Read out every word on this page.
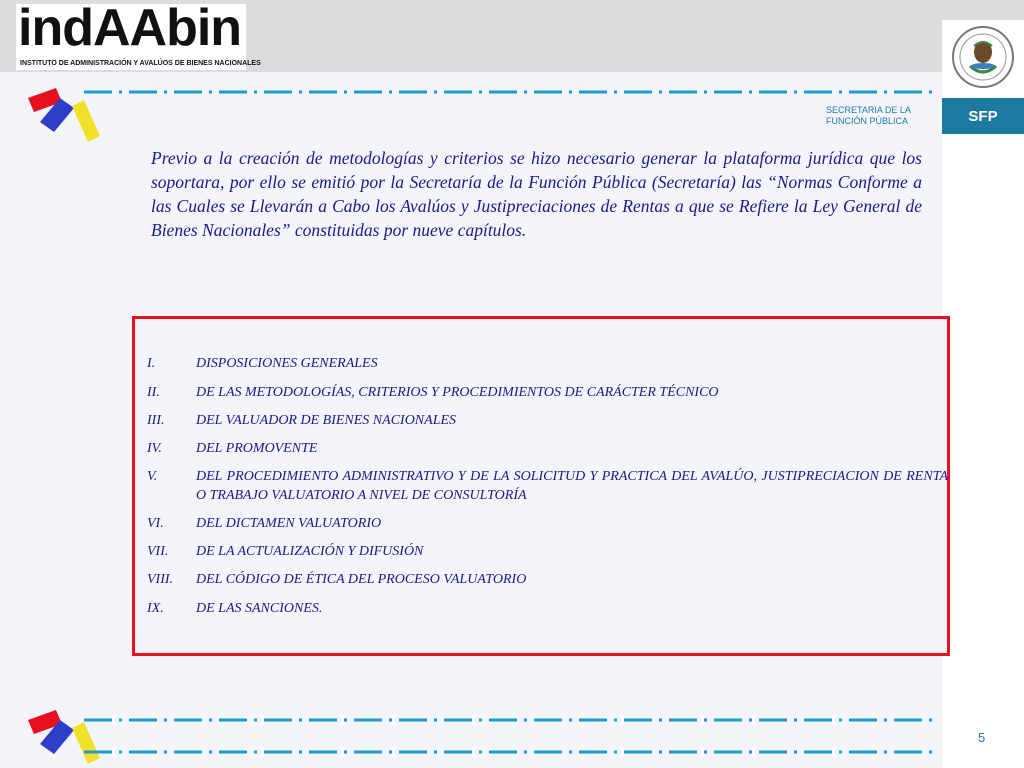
indAAbin
INSTITUTO DE ADMINISTRACIÓN Y AVALÚOS DE BIENES NACIONALES
SFP
SECRETARIA DE LA FUNCIÓN PÚBLICA

Previo a la creación de metodologías y criterios se hizo necesario generar la plataforma jurídica que los soportara, por ello se emitió por la Secretaría de la Función Pública (Secretaría) las “Normas Conforme a las Cuales se Llevarán a Cabo los Avalúos y Justipreciaciones de Rentas a que se Refiere la Ley General de Bienes Nacionales” constituidas por nueve capítulos.

I.	DISPOSICIONES GENERALES
II.	DE LAS METODOLOGÍAS, CRITERIOS Y PROCEDIMIENTOS DE CARÁCTER TÉCNICO
III. DEL VALUADOR DE BIENES NACIONALES
IV. DEL PROMOVENTE
V.	DEL PROCEDIMIENTO ADMINISTRATIVO Y DE LA SOLICITUD Y PRACTICA DEL AVALÚO, JUSTIPRECIACION DE RENTA O TRABAJO VALUATORIO A NIVEL DE CONSULTORÍA
VI. DEL DICTAMEN VALUATORIO
VII. DE LA ACTUALIZACIÓN Y DIFUSIÓN
VIII. DEL CÓDIGO DE ÉTICA DEL PROCESO VALUATORIO
IX. DE LAS SANCIONES.
5
